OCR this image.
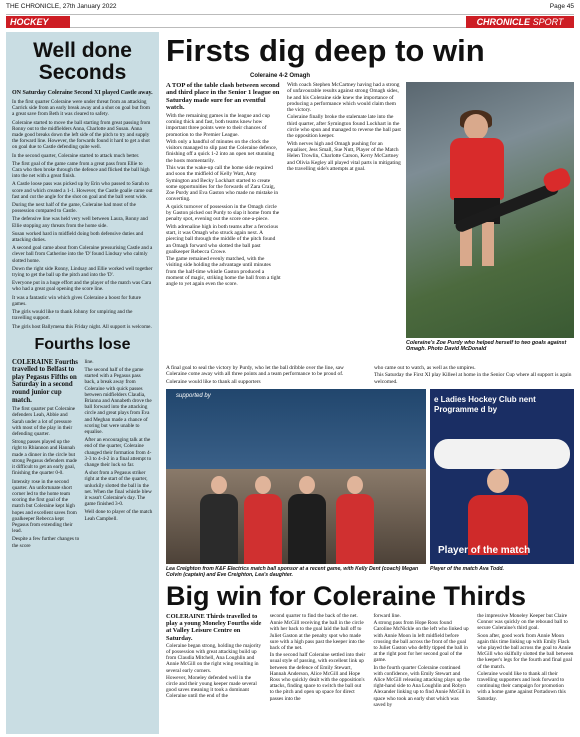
THE CHRONICLE, 27th January 2022	Page 45
HOCKEY	CHRONICLE SPORT
Well done Seconds

ON Saturday Coleraine Second XI played Castle away.

In the first quarter Coleraine were under threat from an attacking Carrick side from an early break away and a shot on goal but from a great save from Beth it was cleared to safety.

Coleraine started to move the ball starting from great passing from Ronny out to the midfielders Anna, Charlotte and Susan. Anna made good breaks down the left side of the pitch to try and supply the forward line. However, the forwards found it hard to get a shot on goal due to Castle defending quite well.

In the second quarter, Coleraine started to attack much better.

The first goal of the game came from a great pass from Ellie to Cara who then broke through the defence and flicked the ball high into the net with a great finish.

A Castle loose pass was picked up by Erin who passed to Sarah to score and which created a 1-1. However, the Castle goalie came out fast and cut the angle for the shot on goal and the ball went wide.

During the next half of the game, Coleraine had most of the possession compared to Castle.

The defensive line was held very well between Laura, Ronny and Ellie stopping any threats from the home side.

Susan worked hard in midfield doing both defensive duties and attacking duties.

A second goal came about from Coleraine pressurising Castle and a clever ball from Catherine into the 'D' found Lindsay who calmly slotted home.

Down the right side Ronny, Lindsay and Ellie worked well together trying to get the ball up the pitch and into the 'D'.

Everyone put in a huge effort and the player of the match was Cara who had a great goal opening the score line.

It was a fantastic win which gives Coleraine a boost for future games.

The girls would like to thank Johnny for umpiring and the travelling support.

The girls host Ballymena this Friday night. All support is welcome.

Fourths lose

COLERAINE Fourths travelled to Belfast to play Pegasus Fifths on Saturday in a second round junior cup match.

The first quarter put Coleraine defenders Leah, Abbie and Sarah under a lot of pressure with most of the play in their defending quarter.

Strong passes played up the right to Rhiannon and Hannah made a dinner in the circle but strong Pegasus defenders made it difficult to get an early goal, finishing the quarter 0-0.

Intensity rose in the second quarter. An unfortunate short corner led to the home team scoring the first goal of the match but Coleraine kept high hopes and excellent saves from goalkeeper Rebecca kept Pegasus from extending their lead.

Despite a few further changes to the score

line.

The second half of the game started with a Pegasus pass back, a break away from Coleraine with quick passes between midfielders Claudia, Brianna and Annabeth drove the ball forward into the attacking circle and great plays from Eva and Meghan made a chance of scoring but were unable to equalise.

After an encouraging talk at the end of the quarter, Coleraine changed their formation from 4-3-3 to 4-4-2 in a final attempt to change their luck so far.

A shot from a Pegasus striker right at the start of the quarter, unluckily slotted the ball in the net. When the final whistle blew it wasn't Coleraine's day. The game finished 3-0.

Well done to player of the match Leah Campbell.

Firsts dig deep to win
Coleraine 4-2 Omagh

A TOP of the table clash between second and third place in the Senior 1 league on Saturday made sure for an eventful watch.

With the remaining games in the league and cup coming thick and fast, both teams knew how important three points were to their chances of promotion to the Premier League.

With only a handful of minutes on the clock the visitors managed to slip past the Coleraine defence, finishing off a quick 1-2 into an open net stunning the hosts momentarily.

This was the wake-up call the home side required and soon the midfield of Kelly Watt, Amy Symington and Becky Lockhart started to create some opportunities for the forwards of Zara Craig, Zoe Purdy and Eva Gaston who made no mistake in converting.

A quick turnover of possession in the Omagh circle by Gaston picked out Purdy to slap it home from the penalty spot, evening out the score one-a-piece.

With adrenaline high in both teams after a ferocious start, it was Omagh who struck again next. A piercing ball through the middle of the pitch found an Omagh forward who slotted the ball past goalkeeper Rebecca Crowe.

The game remained evenly matched, with the visiting side holding the advantage until minutes from the half-time whistle Gaston produced a moment of magic, striking home the ball from a tight angle to yet again even the score.

With coach Stephen McCartney having had a strong of unfavourable results against strong Omagh sides, he and his Coleraine side knew the importance of producing a performance which would claim them the victory.

Coleraine finally broke the stalemate late into the third quarter, after Symington found Lockhart in the circle who spun and managed to reverse the ball past the opposition keeper.

With nerves high and Omagh pushing for an equaliser, Jess Small, Sue Nutt, Player of the Match Helen Trowlin, Charlotte Carson, Kerry McCartney and Olivia Kegley all played vital parts in mitigating the travelling side's attempts at goal.

Coleraine's Zoe Purdy who helped herself to two goals against Omagh. Photo David McDonald

A final goal to seal the victory by Purdy, who let the ball dribble over the line, saw Coleraine come away with all three points and a team performance to be proud of.

Coleraine would like to thank all supporters

who came out to watch, as well as the umpires.

This Saturday the First XI play Killeel at home in the Senior Cup where all support is again welcomed.

supported by	e Ladies Hockey Club nent Programme d by
Player of the match
Lea Creighton from K&F Electrics match ball sponsor at a recent game, with Kelly Dent (coach) Megan Colvin (captain) and Eve Creighton, Lea's daughter.
Player of the match Ava Todd.
Big win for Coleraine Thirds

COLERAINE Thirds travelled to play a young Moneley Fourths side at Valley Leisure Centre on Saturday.

Coleraine began strong, holding the majority of possession with great attacking build up from Claudia Mitchell, Ana Loughlin and Annie McGill on the right wing resulting in several early corners.

However, Moneley defended well in the circle and their young keeper made several good saves meaning it took a dominant Coleraine until the end of the

second quarter to find the back of the net.

Annie McGill receiving the ball in the circle with her back to the goal laid the ball off to Juliet Gaston at the penalty spot who made sure with a high pass past the keeper into the back of the net.

In the second half Coleraine settled into their usual style of passing, with excellent link up between the defence of Emily Stewart, Hannah Anderson, Alice McGill and Hope Ross who quickly dealt with the opposition's attacks, finding space to switch the ball out to the pitch and open up space for direct passes into the

forward line.

A strong pass from Hope Ross found Caroline McNickle on the left who linked up with Annie Moon in left midfield before crossing the ball across the front of the goal to Juliet Gaston who deftly tipped the ball in at the right post for her second goal of the game.

In the fourth quarter Coleraine continued with confidence, with Emily Stewart and Alice McGill releasing attacking plays up the right-hand side to Ana Loughlin and Robyn Alexander linking up to find Annie McGill in space who took an early shot which was saved by

the impressive Moneley Keeper but Claire Connor was quickly on the rebound ball to secure Coleraine's third goal.

Soon after, good work from Annie Moon again this time linking up with Emily Flack who played the ball across the goal to Annie McGill who skilfully slotted the ball between the keeper's legs for the fourth and final goal of the match.

Coleraine would like to thank all their travelling supporters and look forward to continuing their campaign for promotion with a home game against Portadown this Saturday.
